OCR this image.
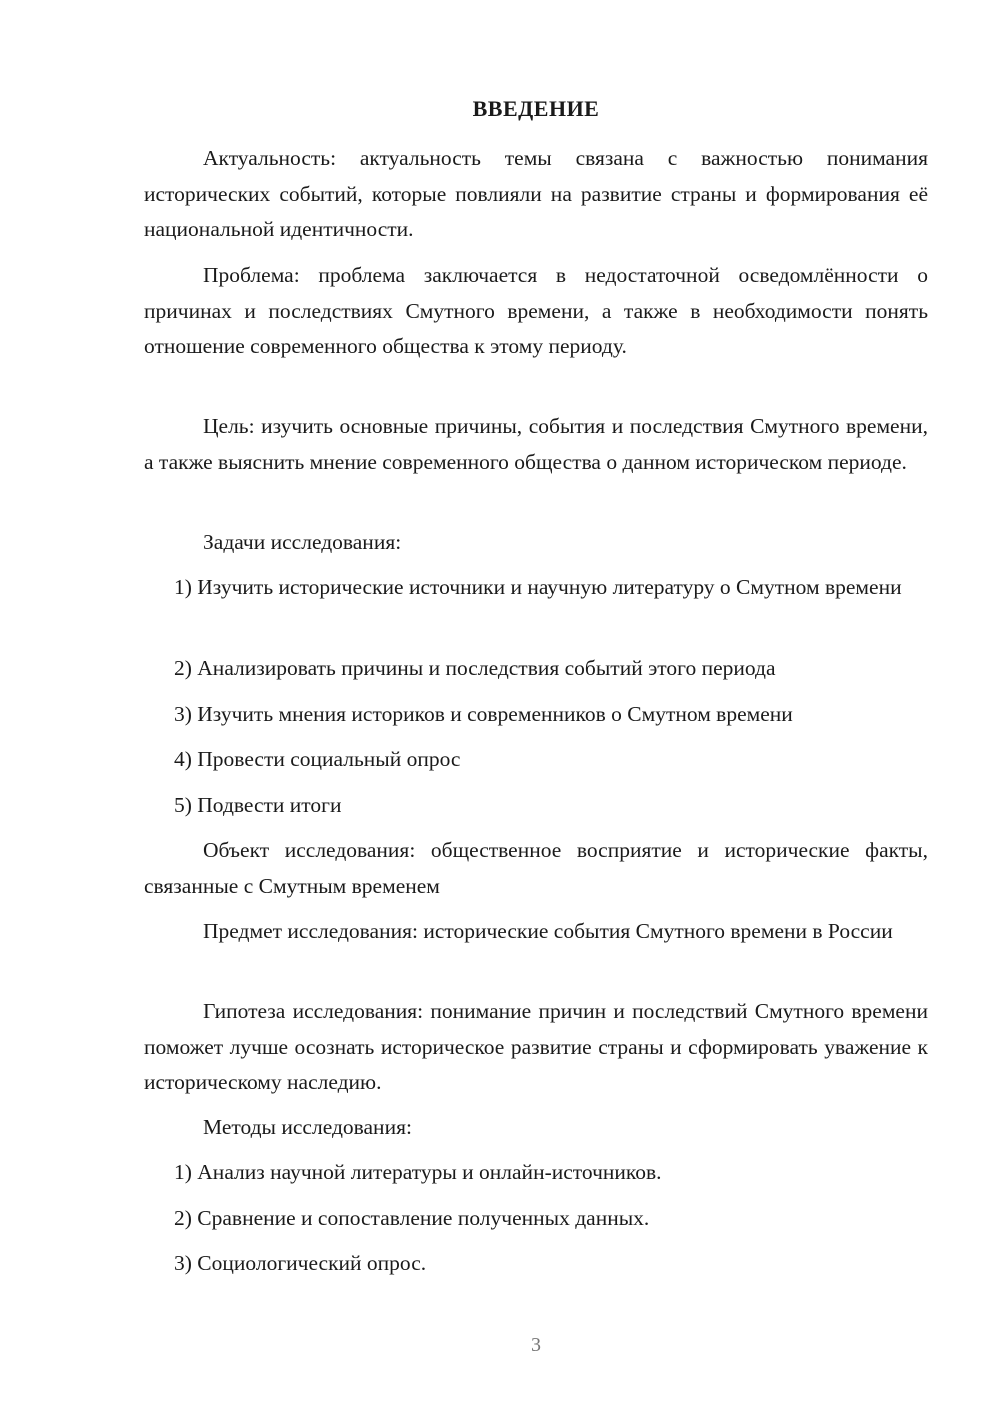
ВВЕДЕНИЕ

Актуальность: актуальность темы связана с важностью понимания исторических событий, которые повлияли на развитие страны и формирования её национальной идентичности.

Проблема: проблема заключается в недостаточной осведомлённости о причинах и последствиях Смутного времени, а также в необходимости понять отношение современного общества к этому периоду.

Цель: изучить основные причины, события и последствия Смутного времени, а также выяснить мнение современного общества о данном историческом периоде.

Задачи исследования:

1) Изучить исторические источники и научную литературу о Смутном времени

2) Анализировать причины и последствия событий этого периода

3) Изучить мнения историков и современников о Смутном времени

4) Провести социальный опрос

5) Подвести итоги

Объект исследования: общественное восприятие и исторические факты, связанные с Смутным временем

Предмет исследования: исторические события Смутного времени в России

Гипотеза исследования: понимание причин и последствий Смутного времени поможет лучше осознать историческое развитие страны и сформировать уважение к историческому наследию.

Методы исследования:

1) Анализ научной литературы и онлайн-источников.

2) Сравнение и сопоставление полученных данных.

3) Социологический опрос.

3
